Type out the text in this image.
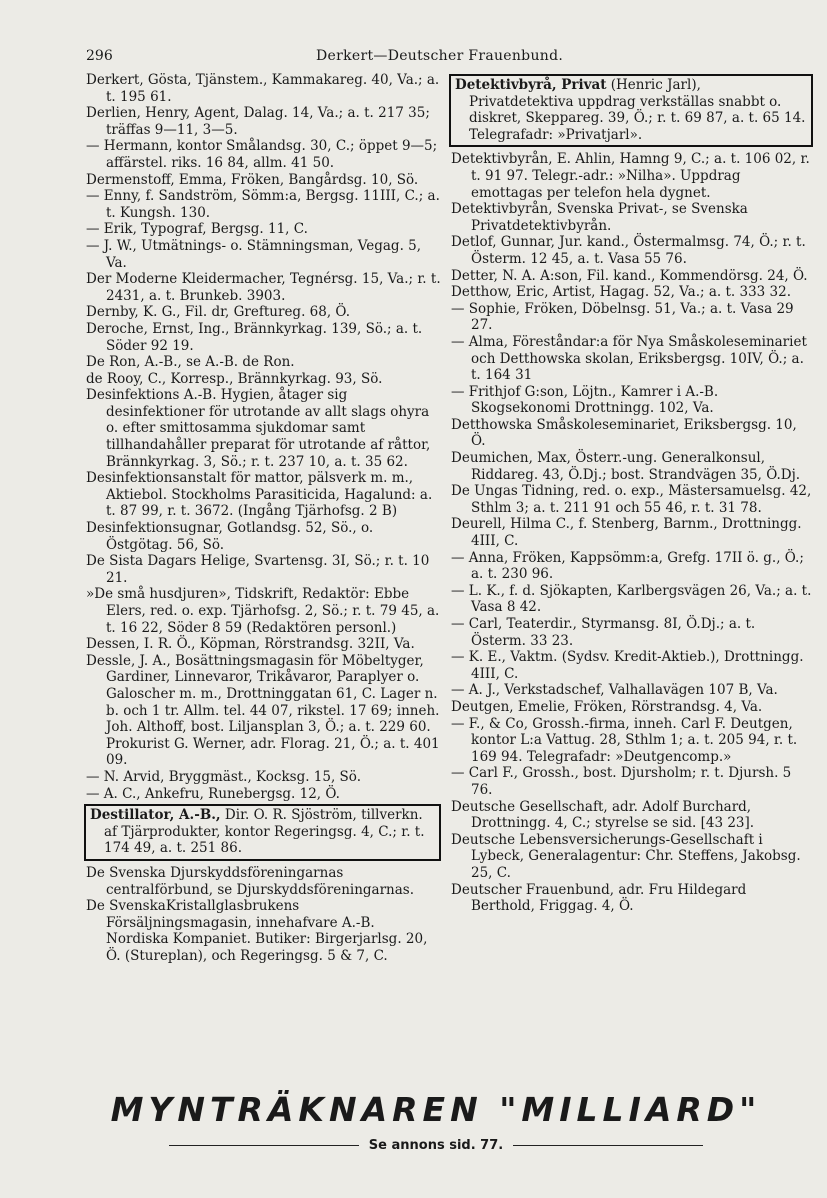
296	Derkert—Deutscher Frauenbund.

Derkert, Gösta, Tjänstem., Kammakareg. 40, Va.; a. t. 195 61.

Derlien, Henry, Agent, Dalag. 14, Va.; a. t. 217 35; träffas 9—11, 3—5.

— Hermann, kontor Smålandsg. 30, C.; öppet 9—5; affärstel. riks. 16 84, allm. 41 50.

Dermenstoff, Emma, Fröken, Bangårdsg. 10, Sö.

— Enny, f. Sandström, Sömm:a, Bergsg. 11III, C.; a. t. Kungsh. 130.

— Erik, Typograf, Bergsg. 11, C.

— J. W., Utmätnings- o. Stämningsman, Vegag. 5, Va.

Der Moderne Kleidermacher, Tegnérsg. 15, Va.; r. t. 2431, a. t. Brunkeb. 3903.

Dernby, K. G., Fil. dr, Greftureg. 68, Ö.

Deroche, Ernst, Ing., Brännkyrkag. 139, Sö.; a. t. Söder 92 19.

De Ron, A.-B., se A.-B. de Ron.

de Rooy, C., Korresp., Brännkyrkag. 93, Sö.

Desinfektions A.-B. Hygien, åtager sig desinfektioner för utrotande av allt slags ohyra o. efter smittosamma sjukdomar samt tillhandahåller preparat för utrotande af råttor, Brännkyrkag. 3, Sö.; r. t. 237 10, a. t. 35 62.

Desinfektionsanstalt för mattor, pälsverk m. m., Aktiebol. Stockholms Parasiticida, Hagalund: a. t. 87 99, r. t. 3672. (Ingång Tjärhofsg. 2 B)

Desinfektionsugnar, Gotlandsg. 52, Sö., o. Östgötag. 56, Sö.

De Sista Dagars Helige, Svartensg. 3I, Sö.; r. t. 10 21.

»De små husdjuren», Tidskrift, Redaktör: Ebbe Elers, red. o. exp. Tjärhofsg. 2, Sö.; r. t. 79 45, a. t. 16 22, Söder 8 59 (Redaktören personl.)

Dessen, I. R. Ö., Köpman, Rörstrandsg. 32II, Va.

Dessle, J. A., Bosättningsmagasin för Möbeltyger, Gardiner, Linnevaror, Trikåvaror, Paraplyer o. Galoscher m. m., Drottninggatan 61, C. Lager n. b. och 1 tr. Allm. tel. 44 07, rikstel. 17 69; inneh. Joh. Althoff, bost. Liljansplan 3, Ö.; a. t. 229 60. Prokurist G. Werner, adr. Florag. 21, Ö.; a. t. 401 09.

— N. Arvid, Bryggmäst., Kocksg. 15, Sö.

— A. C., Ankefru, Runebergsg. 12, Ö.

Destillator, A.-B., Dir. O. R. Sjöström, tillverkn. af Tjärprodukter, kontor Regeringsg. 4, C.; r. t. 174 49, a. t. 251 86.

De Svenska Djurskyddsföreningarnas centralförbund, se Djurskyddsföreningarnas.

De SvenskaKristallglasbrukens Försäljningsmagasin, innehafvare A.-B. Nordiska Kompaniet. Butiker: Birgerjarlsg. 20, Ö. (Stureplan), och Regeringsg. 5 & 7, C.

Detektivbyrå, Privat (Henric Jarl), Privatdetektiva uppdrag verkställas snabbt o. diskret, Skeppareg. 39, Ö.; r. t. 69 87, a. t. 65 14. Telegrafadr: »Privatjarl».

Detektivbyrån, E. Ahlin, Hamng 9, C.; a. t. 106 02, r. t. 91 97. Telegr.-adr.: »Nilha». Uppdrag emottagas per telefon hela dygnet.

Detektivbyrån, Svenska Privat-, se Svenska Privatdetektivbyrån.

Detlof, Gunnar, Jur. kand., Östermalmsg. 74, Ö.; r. t. Österm. 12 45, a. t. Vasa 55 76.

Detter, N. A. A:son, Fil. kand., Kommendörsg. 24, Ö.

Detthow, Eric, Artist, Hagag. 52, Va.; a. t. 333 32.

— Sophie, Fröken, Döbelnsg. 51, Va.; a. t. Vasa 29 27.

— Alma, Föreståndar:a för Nya Småskoleseminariet och Detthowska skolan, Eriksbergsg. 10IV, Ö.; a. t. 164 31

— Frithjof G:son, Löjtn., Kamrer i A.-B. Skogsekonomi Drottningg. 102, Va.

Detthowska Småskoleseminariet, Eriksbergsg. 10, Ö.

Deumichen, Max, Österr.-ung. Generalkonsul, Riddareg. 43, Ö.Dj.; bost. Strandvägen 35, Ö.Dj.

De Ungas Tidning, red. o. exp., Mästersamuelsg. 42, Sthlm 3; a. t. 211 91 och 55 46, r. t. 31 78.

Deurell, Hilma C., f. Stenberg, Barnm., Drottningg. 4III, C.

— Anna, Fröken, Kappsömm:a, Grefg. 17II ö. g., Ö.; a. t. 230 96.

— L. K., f. d. Sjökapten, Karlbergsvägen 26, Va.; a. t. Vasa 8 42.

— Carl, Teaterdir., Styrmansg. 8I, Ö.Dj.; a. t. Österm. 33 23.

— K. E., Vaktm. (Sydsv. Kredit-Aktieb.), Drottningg. 4III, C.

— A. J., Verkstadschef, Valhallavägen 107 B, Va.

Deutgen, Emelie, Fröken, Rörstrandsg. 4, Va.

— F., & Co, Grossh.-firma, inneh. Carl F. Deutgen, kontor L:a Vattug. 28, Sthlm 1; a. t. 205 94, r. t. 169 94. Telegrafadr: »Deutgencomp.»

— Carl F., Grossh., bost. Djursholm; r. t. Djursh. 5 76.

Deutsche Gesellschaft, adr. Adolf Burchard, Drottningg. 4, C.; styrelse se sid. [43 23].

Deutsche Lebensversicherungs-Gesellschaft i Lybeck, Generalagentur: Chr. Steffens, Jakobsg. 25, C.

Deutscher Frauenbund, adr. Fru Hildegard Berthold, Friggag. 4, Ö.

MYNTRÄKNAREN "MILLIARD"
Se annons sid. 77.
